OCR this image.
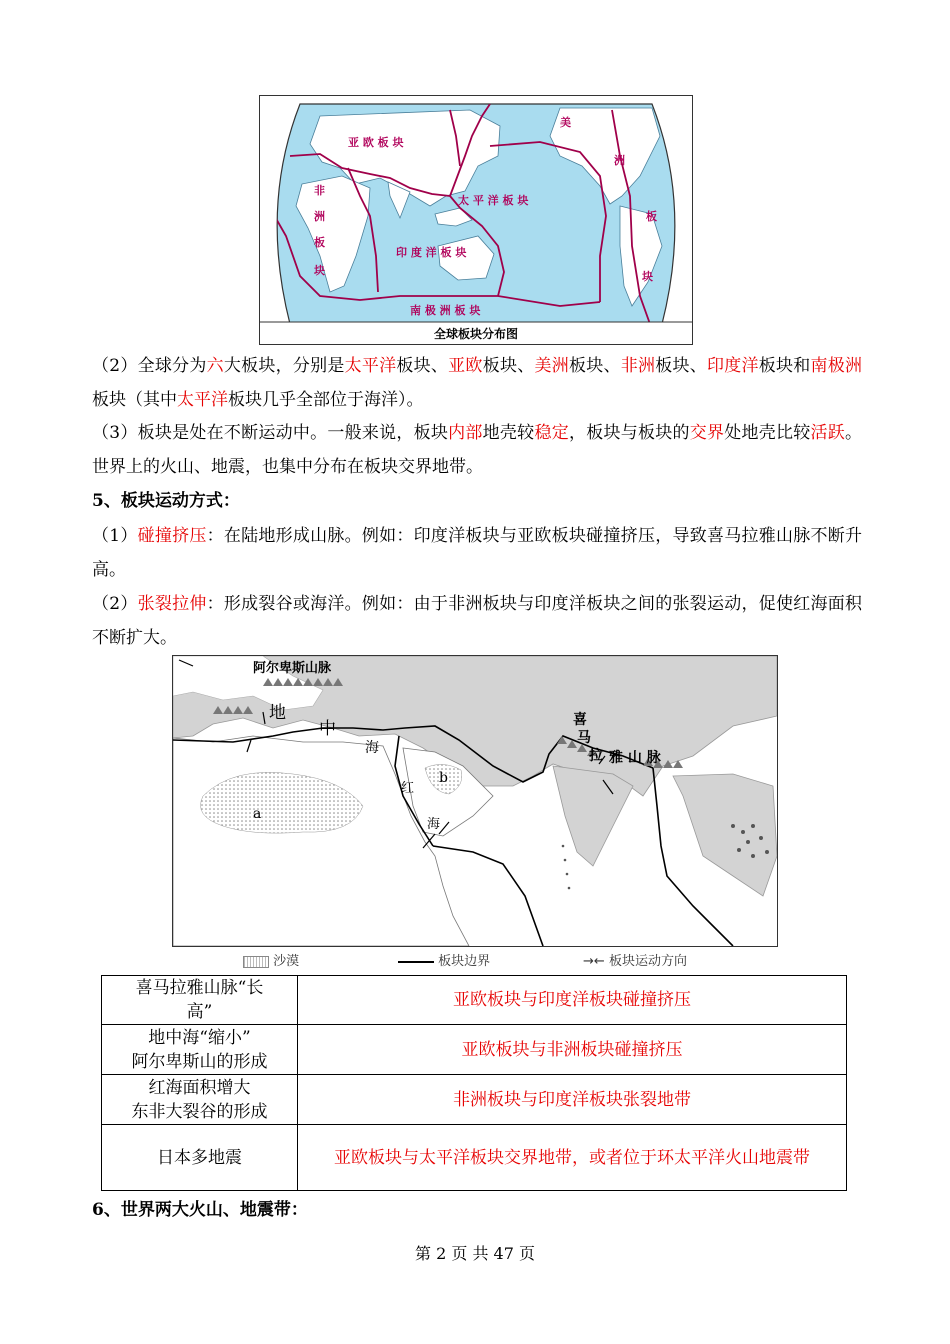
亚 欧 板 块
太 平 洋 板 块
印 度 洋 板 块
南 极 洲 板 块
非
洲
板
块
美
洲
板
块
全球板块分布图
（2）全球分为六大板块，分别是太平洋板块、亚欧板块、美洲板块、非洲板块、印度洋板块和南极洲板块（其中太平洋板块几乎全部位于海洋）。
（3）板块是处在不断运动中。一般来说，板块内部地壳较稳定，板块与板块的交界处地壳比较活跃。世界上的火山、地震，也集中分布在板块交界地带。
5、板块运动方式：
（1）碰撞挤压：在陆地形成山脉。例如：印度洋板块与亚欧板块碰撞挤压，导致喜马拉雅山脉不断升高。
（2）张裂拉伸：形成裂谷或海洋。例如：由于非洲板块与印度洋板块之间的张裂运动，促使红海面积不断扩大。
阿尔卑斯山脉
地
中
海
红
海
喜
马
拉 雅 山 脉
a
b
沙漠	板块边界	→← 板块运动方向
喜马拉雅山脉“长
高”	亚欧板块与印度洋板块碰撞挤压
地中海“缩小”
阿尔卑斯山的形成	亚欧板块与非洲板块碰撞挤压
红海面积增大
东非大裂谷的形成	非洲板块与印度洋板块张裂地带
日本多地震	亚欧板块与太平洋板块交界地带，或者位于环太平洋火山地震带
6、世界两大火山、地震带：
第 2 页 共 47 页
